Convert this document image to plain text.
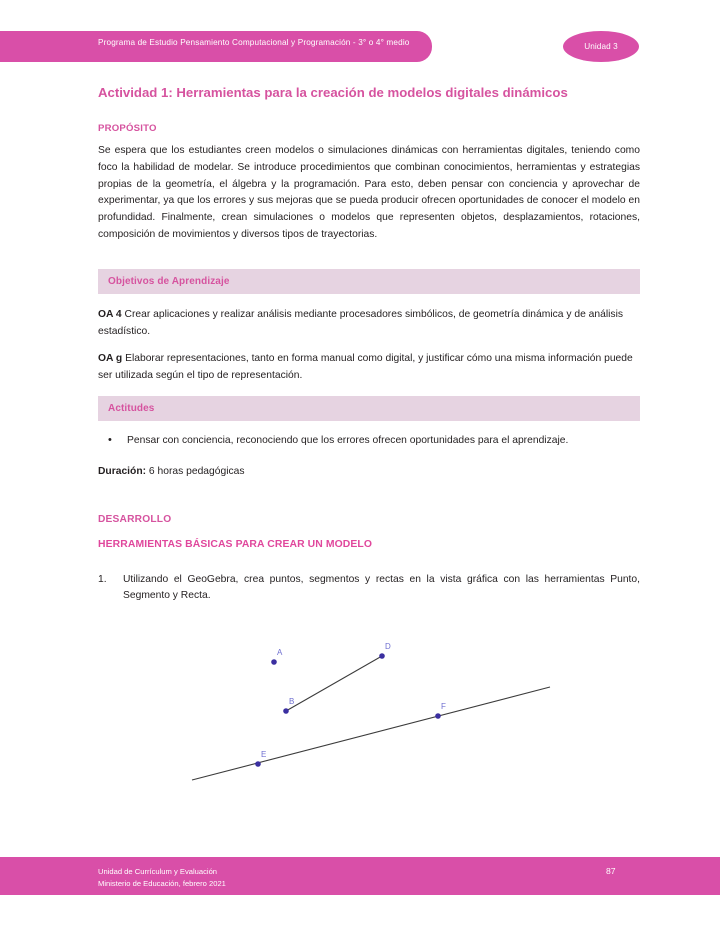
Programa de Estudio Pensamiento Computacional y Programación - 3° o 4° medio	Unidad 3
Actividad 1: Herramientas para la creación de modelos digitales dinámicos
PROPÓSITO

Se espera que los estudiantes creen modelos o simulaciones dinámicas con herramientas digitales, teniendo como foco la habilidad de modelar. Se introduce procedimientos que combinan conocimientos, herramientas y estrategias propias de la geometría, el álgebra y la programación. Para esto, deben pensar con conciencia y aprovechar de experimentar, ya que los errores y sus mejoras que se pueda producir ofrecen oportunidades de conocer el modelo en profundidad. Finalmente, crean simulaciones o modelos que representen objetos, desplazamientos, rotaciones, composición de movimientos y diversos tipos de trayectorias.

Objetivos de Aprendizaje

OA 4 Crear aplicaciones y realizar análisis mediante procesadores simbólicos, de geometría dinámica y de análisis estadístico.

OA g Elaborar representaciones, tanto en forma manual como digital, y justificar cómo una misma información puede ser utilizada según el tipo de representación.

Actitudes
• Pensar con conciencia, reconociendo que los errores ofrecen oportunidades para el aprendizaje.

Duración: 6 horas pedagógicas

DESARROLLO
HERRAMIENTAS BÁSICAS PARA CREAR UN MODELO
1. Utilizando el GeoGebra, crea puntos, segmentos y rectas en la vista gráfica con las herramientas Punto, Segmento y Recta.
A
B
D
E
F
Unidad de Currículum y Evaluación
Ministerio de Educación, febrero 2021
87
